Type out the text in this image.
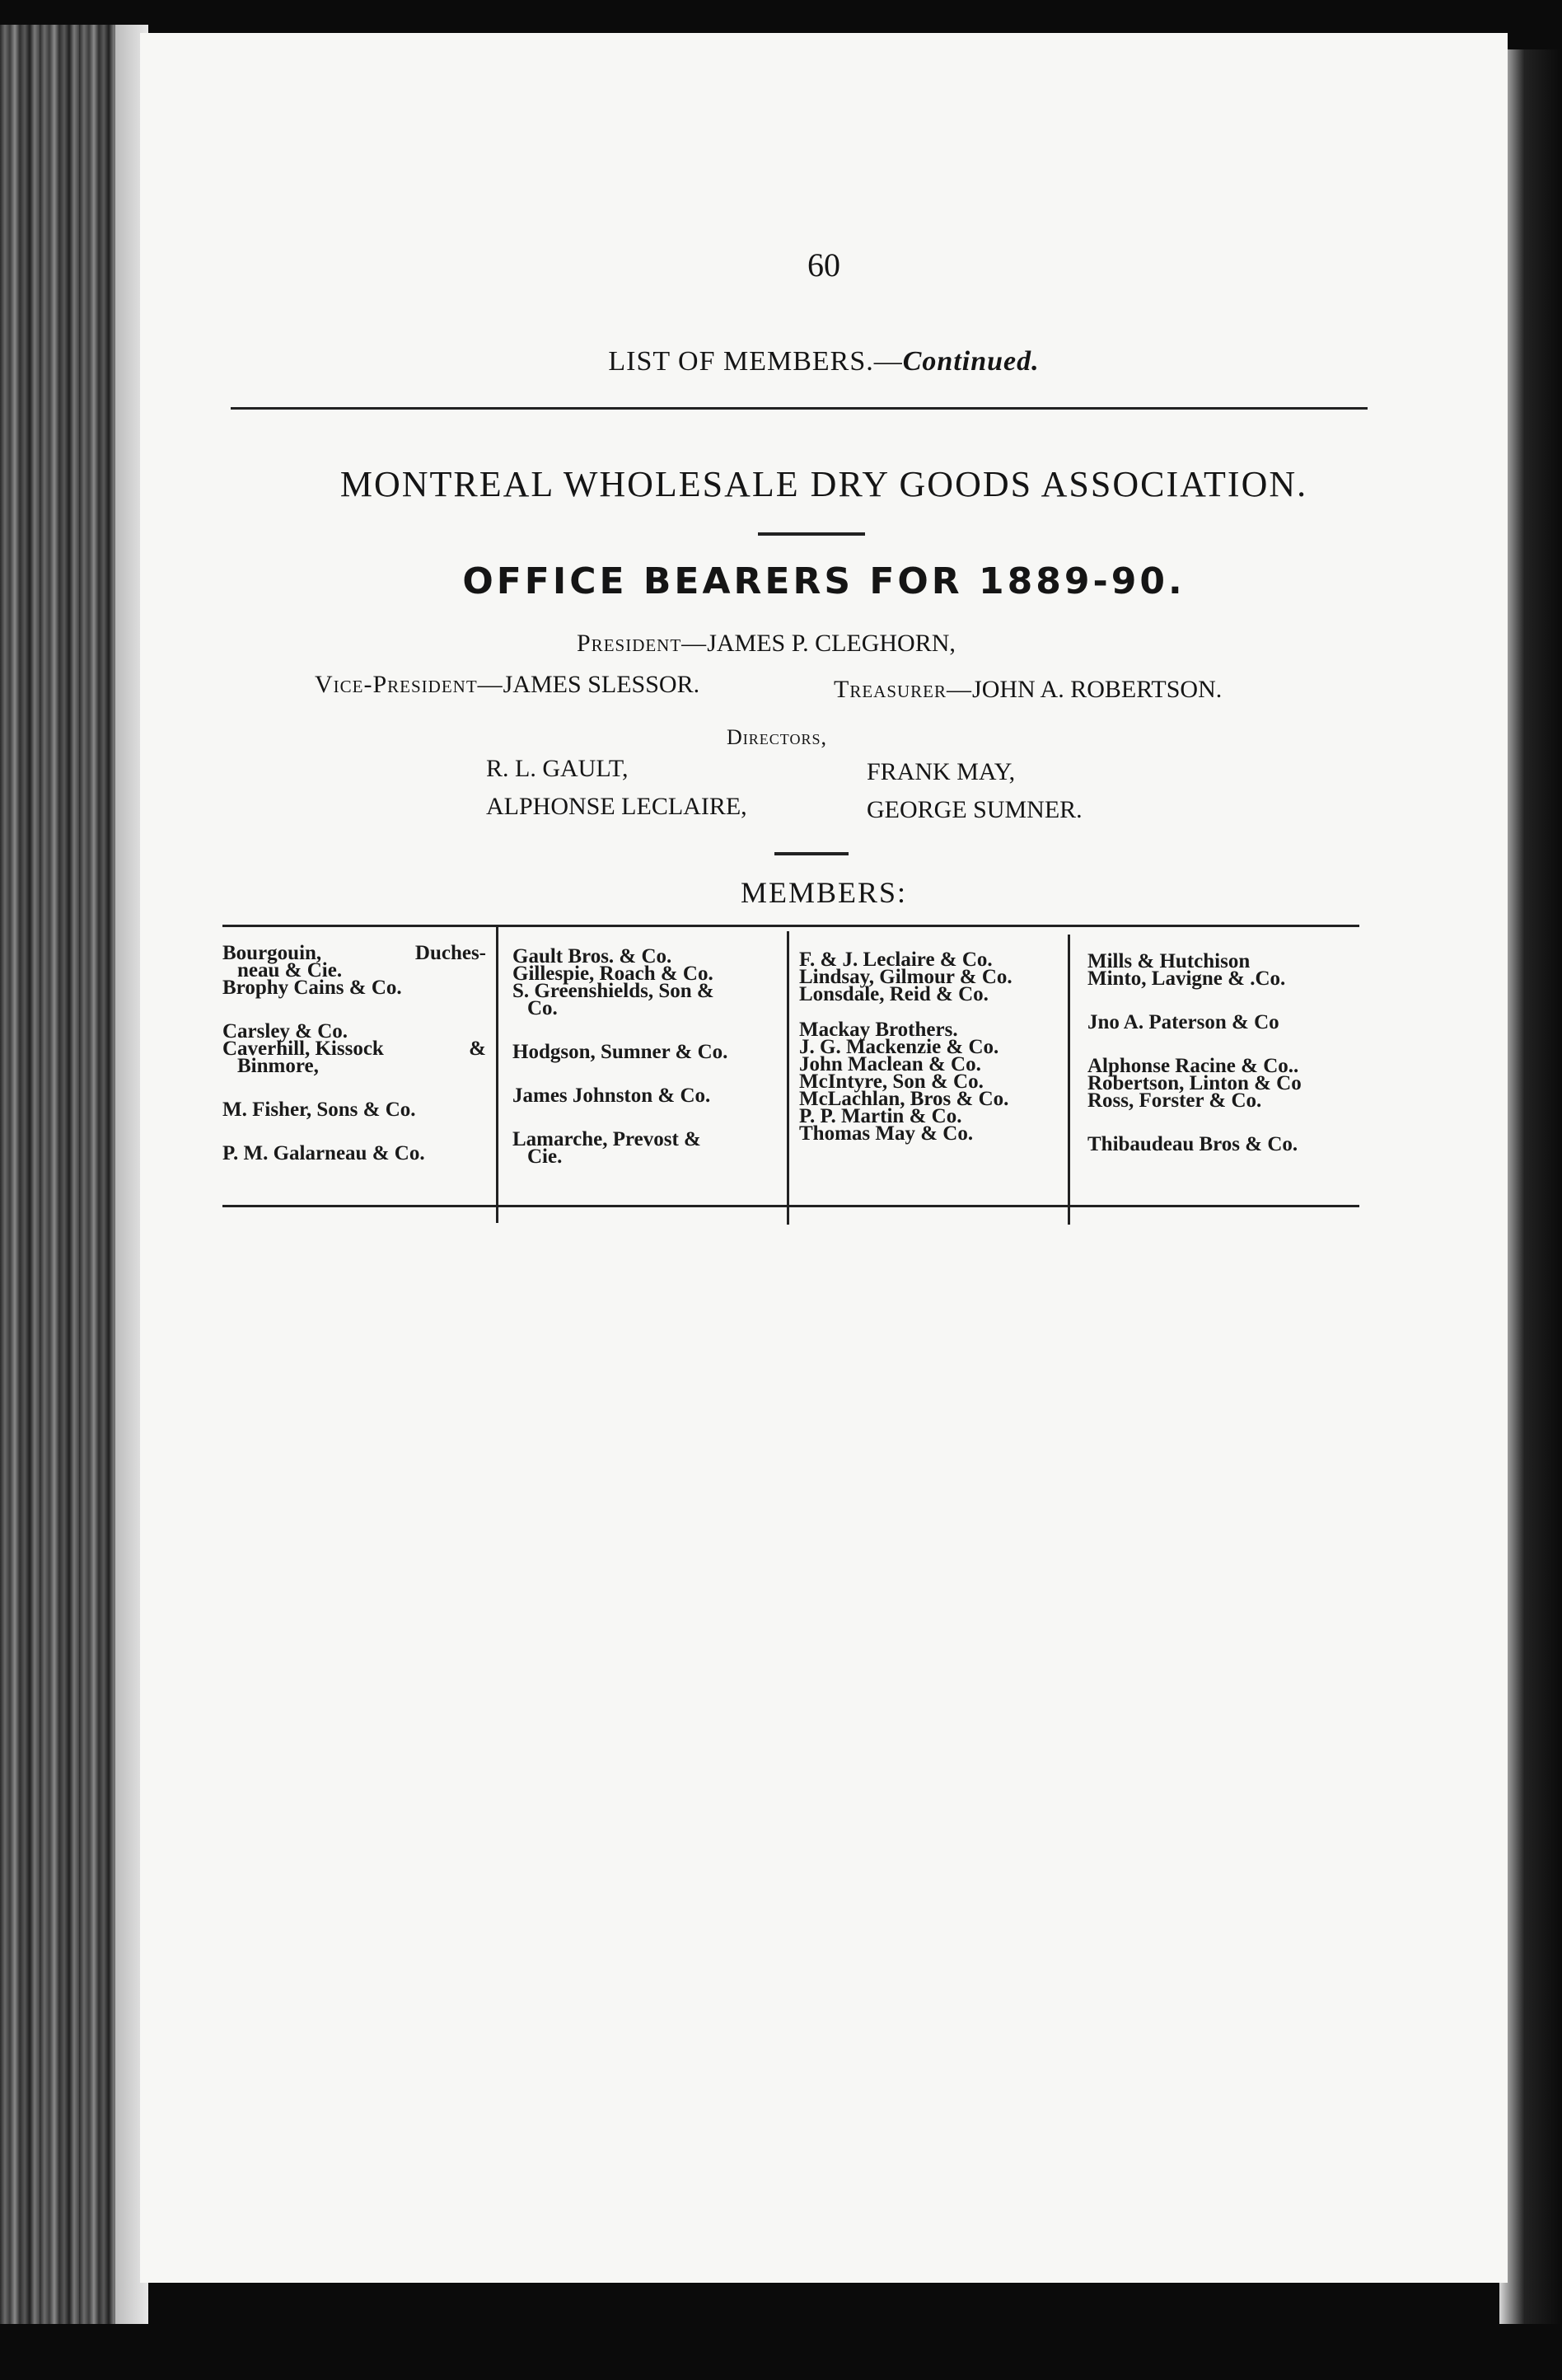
60
LIST OF MEMBERS.—Continued.
MONTREAL WHOLESALE DRY GOODS ASSOCIATION.
OFFICE BEARERS FOR 1889-90.
President—JAMES P. CLEGHORN,
Vice-President—JAMES SLESSOR.	Treasurer—JOHN A. ROBERTSON.
Directors,
R. L. GAULT,	FRANK MAY,
ALPHONSE LECLAIRE,	GEORGE SUMNER.
MEMBERS:
Bourgouin,	Duches-
neau & Cie.
Brophy Cains & Co.
Carsley & Co.
Caverhill, Kissock	&
Binmore,
M. Fisher, Sons & Co.
P. M. Galarneau & Co.
Gault Bros. & Co.
Gillespie, Roach & Co.
S. Greenshields, Son &
Co.
Hodgson, Sumner & Co.
James Johnston & Co.
Lamarche, Prevost &
Cie.
F. & J. Leclaire & Co.
Lindsay, Gilmour & Co.
Lonsdale, Reid & Co.
Mackay Brothers.
J. G. Mackenzie & Co.
John Maclean & Co.
McIntyre, Son & Co.
McLachlan, Bros & Co.
P. P. Martin & Co.
Thomas May & Co.
Mills & Hutchison
Minto, Lavigne & .Co.
Jno A. Paterson & Co
Alphonse Racine & Co..
Robertson, Linton & Co
Ross, Forster & Co.
Thibaudeau Bros & Co.
